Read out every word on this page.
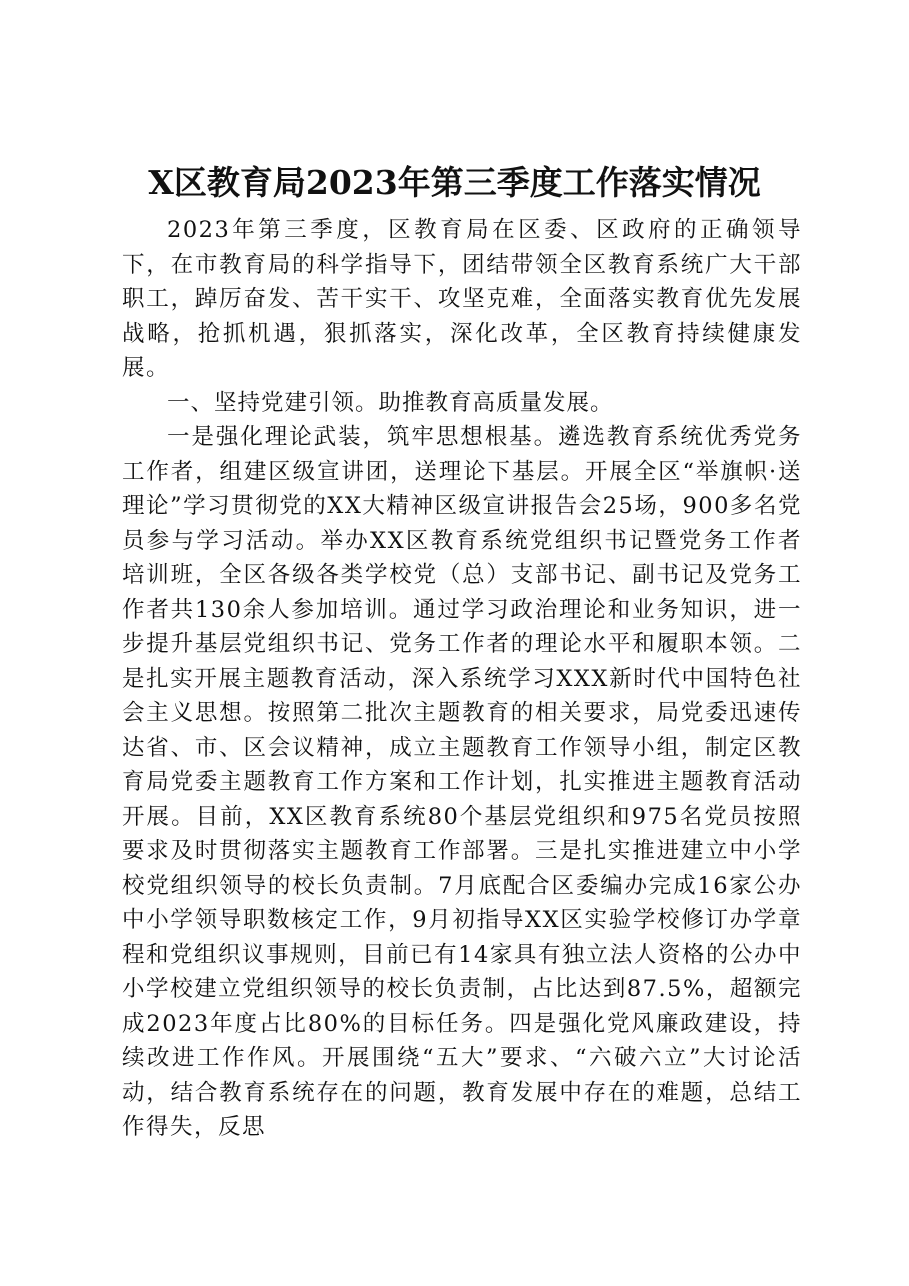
X区教育局2023年第三季度工作落实情况

2023年第三季度，区教育局在区委、区政府的正确领导下，在市教育局的科学指导下，团结带领全区教育系统广大干部职工，踔厉奋发、苦干实干、攻坚克难，全面落实教育优先发展战略，抢抓机遇，狠抓落实，深化改革，全区教育持续健康发展。

一、坚持党建引领。助推教育高质量发展。

一是强化理论武装，筑牢思想根基。遴选教育系统优秀党务工作者，组建区级宣讲团，送理论下基层。开展全区“举旗帜·送理论”学习贯彻党的XX大精神区级宣讲报告会25场，900多名党员参与学习活动。举办XX区教育系统党组织书记暨党务工作者培训班，全区各级各类学校党（总）支部书记、副书记及党务工作者共130余人参加培训。通过学习政治理论和业务知识，进一步提升基层党组织书记、党务工作者的理论水平和履职本领。二是扎实开展主题教育活动，深入系统学习XXX新时代中国特色社会主义思想。按照第二批次主题教育的相关要求，局党委迅速传达省、市、区会议精神，成立主题教育工作领导小组，制定区教育局党委主题教育工作方案和工作计划，扎实推进主题教育活动开展。目前，XX区教育系统80个基层党组织和975名党员按照要求及时贯彻落实主题教育工作部署。三是扎实推进建立中小学校党组织领导的校长负责制。7月底配合区委编办完成16家公办中小学领导职数核定工作，9月初指导XX区实验学校修订办学章程和党组织议事规则，目前已有14家具有独立法人资格的公办中小学校建立党组织领导的校长负责制，占比达到87.5%，超额完成2023年度占比80%的目标任务。四是强化党风廉政建设，持续改进工作作风。开展围绕“五大”要求、“六破六立”大讨论活动，结合教育系统存在的问题，教育发展中存在的难题，总结工作得失，反思
